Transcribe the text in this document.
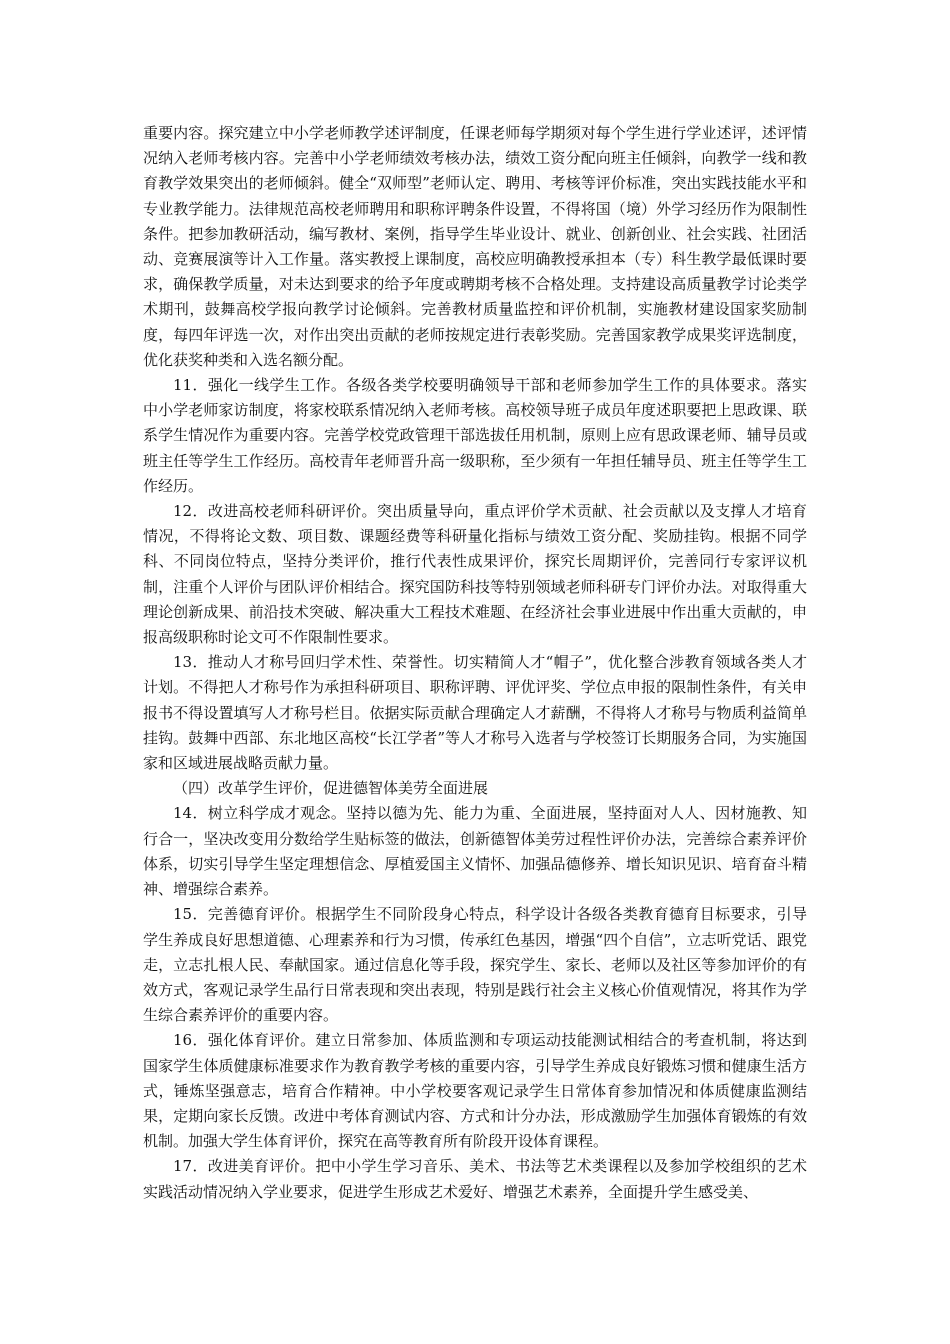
重要内容。探究建立中小学老师教学述评制度，任课老师每学期须对每个学生进行学业述评，述评情况纳入老师考核内容。完善中小学老师绩效考核办法，绩效工资分配向班主任倾斜，向教学一线和教育教学效果突出的老师倾斜。健全“双师型”老师认定、聘用、考核等评价标准，突出实践技能水平和专业教学能力。法律规范高校老师聘用和职称评聘条件设置，不得将国（境）外学习经历作为限制性条件。把参加教研活动，编写教材、案例，指导学生毕业设计、就业、创新创业、社会实践、社团活动、竞赛展演等计入工作量。落实教授上课制度，高校应明确教授承担本（专）科生教学最低课时要求，确保教学质量，对未达到要求的给予年度或聘期考核不合格处理。支持建设高质量教学讨论类学术期刊，鼓舞高校学报向教学讨论倾斜。完善教材质量监控和评价机制，实施教材建设国家奖励制度，每四年评选一次，对作出突出贡献的老师按规定进行表彰奖励。完善国家教学成果奖评选制度，优化获奖种类和入选名额分配。

11．强化一线学生工作。各级各类学校要明确领导干部和老师参加学生工作的具体要求。落实中小学老师家访制度，将家校联系情况纳入老师考核。高校领导班子成员年度述职要把上思政课、联系学生情况作为重要内容。完善学校党政管理干部选拔任用机制，原则上应有思政课老师、辅导员或班主任等学生工作经历。高校青年老师晋升高一级职称，至少须有一年担任辅导员、班主任等学生工作经历。

12．改进高校老师科研评价。突出质量导向，重点评价学术贡献、社会贡献以及支撑人才培育情况，不得将论文数、项目数、课题经费等科研量化指标与绩效工资分配、奖励挂钩。根据不同学科、不同岗位特点，坚持分类评价，推行代表性成果评价，探究长周期评价，完善同行专家评议机制，注重个人评价与团队评价相结合。探究国防科技等特别领域老师科研专门评价办法。对取得重大理论创新成果、前沿技术突破、解决重大工程技术难题、在经济社会事业进展中作出重大贡献的，申报高级职称时论文可不作限制性要求。

13．推动人才称号回归学术性、荣誉性。切实精简人才“帽子”，优化整合涉教育领域各类人才计划。不得把人才称号作为承担科研项目、职称评聘、评优评奖、学位点申报的限制性条件，有关申报书不得设置填写人才称号栏目。依据实际贡献合理确定人才薪酬，不得将人才称号与物质利益简单挂钩。鼓舞中西部、东北地区高校“长江学者”等人才称号入选者与学校签订长期服务合同，为实施国家和区域进展战略贡献力量。

（四）改革学生评价，促进德智体美劳全面进展

14．树立科学成才观念。坚持以德为先、能力为重、全面进展，坚持面对人人、因材施教、知行合一，坚决改变用分数给学生贴标签的做法，创新德智体美劳过程性评价办法，完善综合素养评价体系，切实引导学生坚定理想信念、厚植爱国主义情怀、加强品德修养、增长知识见识、培育奋斗精神、增强综合素养。

15．完善德育评价。根据学生不同阶段身心特点，科学设计各级各类教育德育目标要求，引导学生养成良好思想道德、心理素养和行为习惯，传承红色基因，增强“四个自信”，立志听党话、跟党走，立志扎根人民、奉献国家。通过信息化等手段，探究学生、家长、老师以及社区等参加评价的有效方式，客观记录学生品行日常表现和突出表现，特别是践行社会主义核心价值观情况，将其作为学生综合素养评价的重要内容。

16．强化体育评价。建立日常参加、体质监测和专项运动技能测试相结合的考查机制，将达到国家学生体质健康标准要求作为教育教学考核的重要内容，引导学生养成良好锻炼习惯和健康生活方式，锤炼坚强意志，培育合作精神。中小学校要客观记录学生日常体育参加情况和体质健康监测结果，定期向家长反馈。改进中考体育测试内容、方式和计分办法，形成激励学生加强体育锻炼的有效机制。加强大学生体育评价，探究在高等教育所有阶段开设体育课程。

17．改进美育评价。把中小学生学习音乐、美术、书法等艺术类课程以及参加学校组织的艺术实践活动情况纳入学业要求，促进学生形成艺术爱好、增强艺术素养，全面提升学生感受美、
